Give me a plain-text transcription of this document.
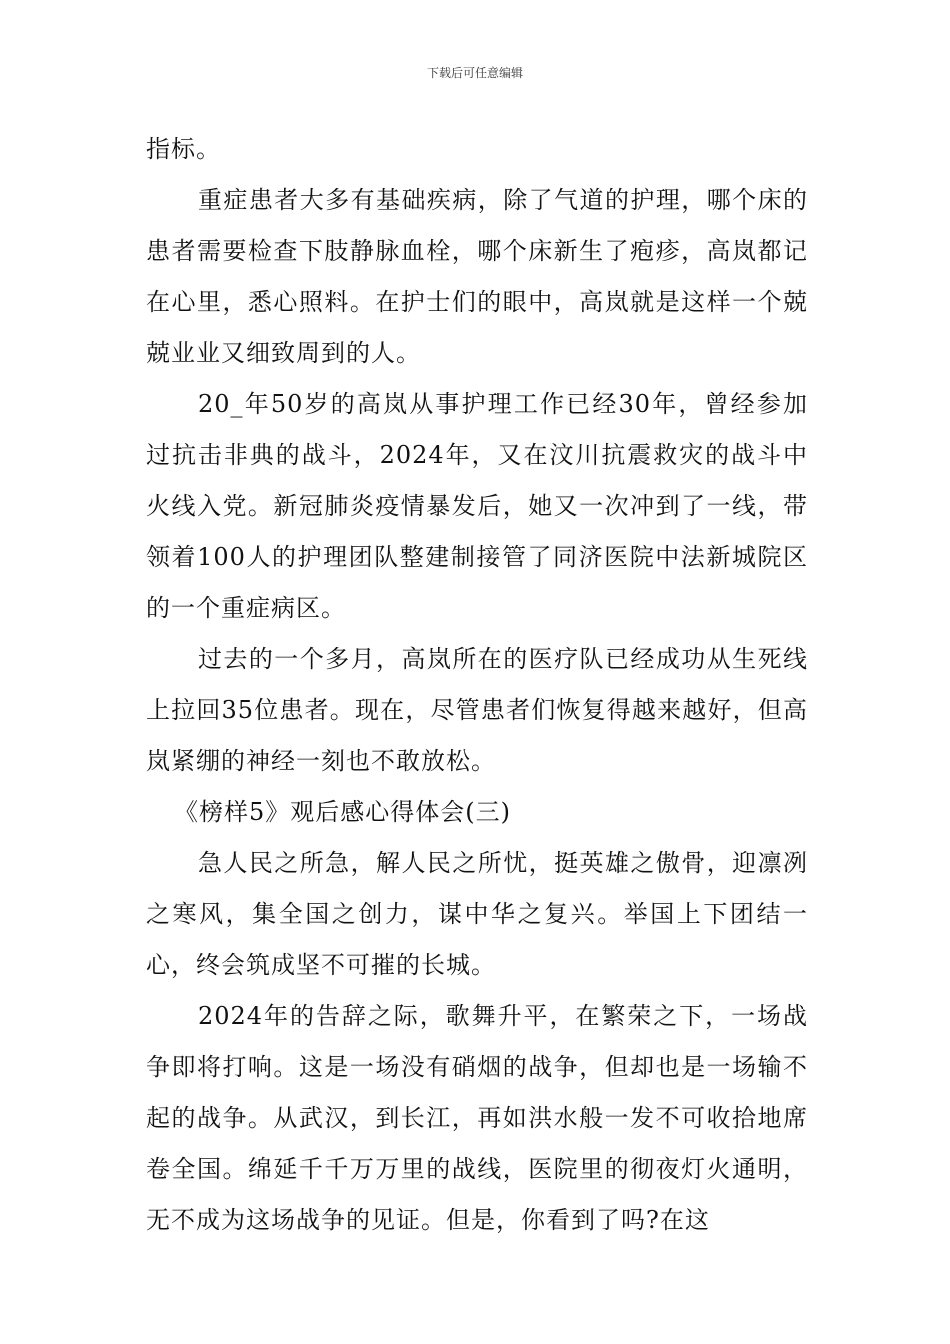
下载后可任意编辑

指标。

重症患者大多有基础疾病，除了气道的护理，哪个床的患者需要检查下肢静脉血栓，哪个床新生了疱疹，高岚都记在心里，悉心照料。在护士们的眼中，高岚就是这样一个兢兢业业又细致周到的人。

20_年50岁的高岚从事护理工作已经30年，曾经参加过抗击非典的战斗，2024年，又在汶川抗震救灾的战斗中火线入党。新冠肺炎疫情暴发后，她又一次冲到了一线，带领着100人的护理团队整建制接管了同济医院中法新城院区的一个重症病区。

过去的一个多月，高岚所在的医疗队已经成功从生死线上拉回35位患者。现在，尽管患者们恢复得越来越好，但高岚紧绷的神经一刻也不敢放松。

《榜样5》观后感心得体会(三)

急人民之所急，解人民之所忧，挺英雄之傲骨，迎凛冽之寒风，集全国之创力，谋中华之复兴。举国上下团结一心，终会筑成坚不可摧的长城。

2024年的告辞之际，歌舞升平，在繁荣之下，一场战争即将打响。这是一场没有硝烟的战争，但却也是一场输不起的战争。从武汉，到长江，再如洪水般一发不可收拾地席卷全国。绵延千千万万里的战线，医院里的彻夜灯火通明，无不成为这场战争的见证。但是，你看到了吗?在这
